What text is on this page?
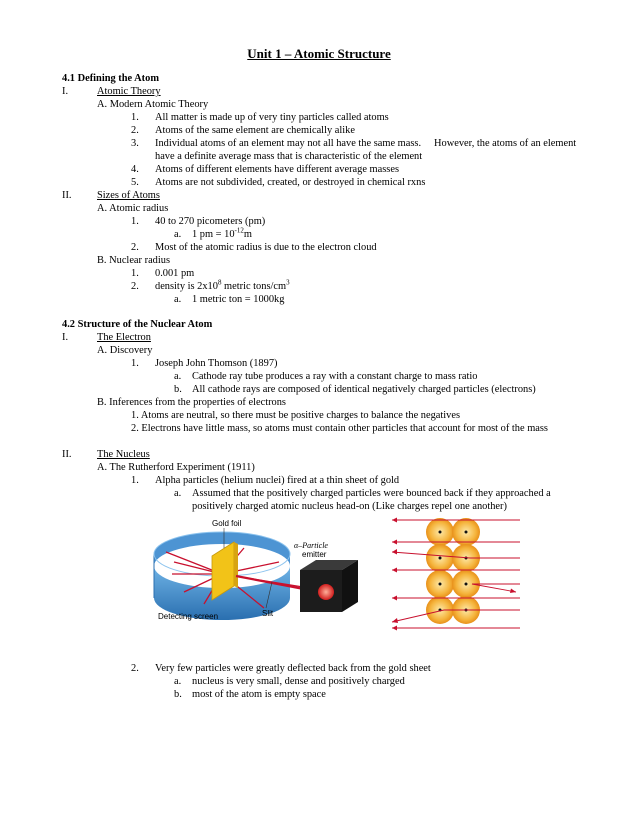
Unit 1 – Atomic Structure
4.1 Defining the Atom
I.	Atomic Theory
A. Modern Atomic Theory
1. All matter is made up of very tiny particles called atoms
2. Atoms of the same element are chemically alike
3. Individual atoms of an element may not all have the same mass.     However, the atoms of an element
have a definite average mass that is characteristic of the element
4. Atoms of different elements have different average masses
5. Atoms are not subdivided, created, or destroyed in chemical rxns
II. Sizes of Atoms
A. Atomic radius
1. 40 to 270 picometers (pm)
a. 1 pm = $10^{-12}m$
2. Most of the atomic radius is due to the electron cloud
B. Nuclear radius
1. 0.001 pm
2. density is $2x10^8$ metric tons/$cm^3$
a. 1 metric ton = 1000kg
4.2 Structure of the Nuclear Atom
I.	The Electron
A. Discovery
1. Joseph John Thomson (1897)
a. Cathode ray tube produces a ray with a constant charge to mass ratio
b. All cathode rays are composed of identical negatively charged particles (electrons)
B. Inferences from the properties of electrons
1. Atoms are neutral, so there must be positive charges to balance the negatives
2. Electrons have little mass, so atoms must contain other particles that account for most of the mass
II. The Nucleus
A. The Rutherford Experiment (1911)
1. Alpha particles (helium nuclei) fired at a thin sheet of gold
a. Assumed that the positively charged particles were bounced back if they approached a
positively charged atomic nucleus head-on (Like charges repel one another)
Gold foil
α–Particle
emitter
Detecting screen	Slit
2. Very few particles were greatly deflected back from the gold sheet
a. nucleus is very small, dense and positively charged
b. most of the atom is empty space
